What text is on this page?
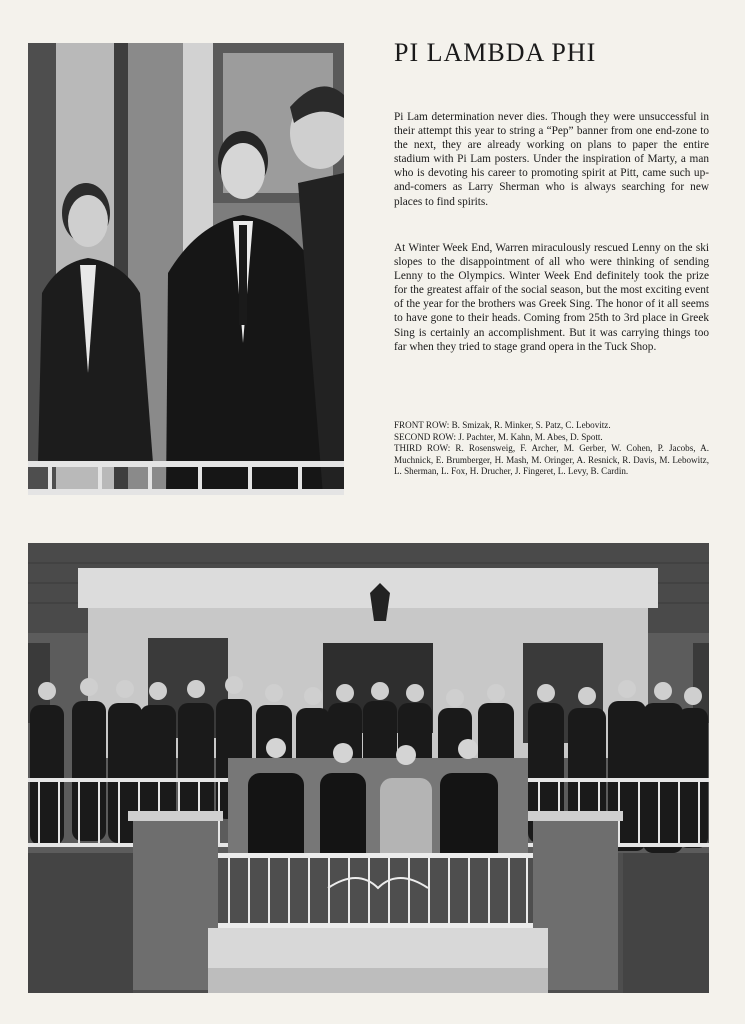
PI LAMBDA PHI

Pi Lam determination never dies. Though they were unsuccessful in their attempt this year to string a “Pep” banner from one end-zone to the next, they are already working on plans to paper the entire stadium with Pi Lam posters. Under the inspiration of Marty, a man who is devoting his career to promoting spirit at Pitt, came such up-and-comers as Larry Sherman who is always searching for new places to find spirits.

At Winter Week End, Warren miraculously rescued Lenny on the ski slopes to the disappointment of all who were thinking of sending Lenny to the Olympics. Winter Week End definitely took the prize for the greatest affair of the social season, but the most exciting event of the year for the brothers was Greek Sing. The honor of it all seems to have gone to their heads. Coming from 25th to 3rd place in Greek Sing is certainly an accomplishment. But it was carrying things too far when they tried to stage grand opera in the Tuck Shop.

FRONT ROW: B. Smizak, R. Minker, S. Patz, C. Lebovitz.
SECOND ROW: J. Pachter, M. Kahn, M. Abes, D. Spott.
THIRD ROW: R. Rosensweig, F. Archer, M. Gerber, W. Cohen, P. Jacobs, A. Muchnick, E. Brumberger, H. Mash, M. Oringer, A. Resnick, R. Davis, M. Lebowitz, L. Sherman, L. Fox, H. Drucher, J. Fingeret, L. Levy, B. Cardin.
